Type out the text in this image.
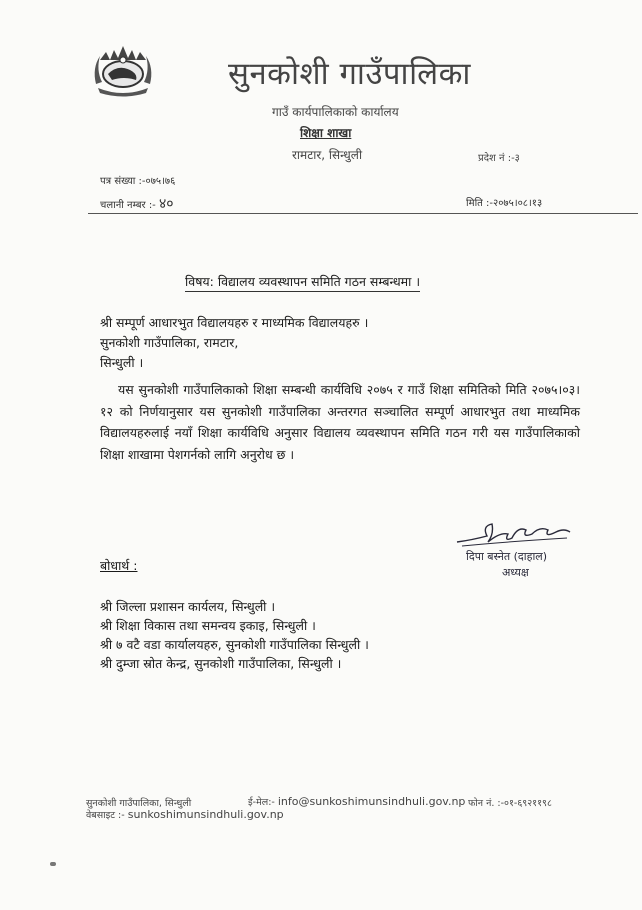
सुनकोशी गाउँपालिका
गाउँ कार्यपालिकाको कार्यालय
शिक्षा शाखा
रामटार, सिन्धुली	प्रदेश नं :-३
पत्र संख्या :-०७५।७६
चलानी नम्बर :- ४०	मिति :-२०७५।०८।१३
विषय: विद्यालय व्यवस्थापन समिति गठन सम्बन्धमा ।
श्री सम्पूर्ण आधारभुत विद्यालयहरु र माध्यमिक विद्यालयहरु ।
सुनकोशी गाउँपालिका, रामटार,
सिन्धुली ।
यस सुनकोशी गाउँपालिकाको शिक्षा सम्बन्धी कार्यविधि २०७५ र गाउँ शिक्षा समितिको मिति २०७५।०३।१२ को निर्णयानुसार यस सुनकोशी गाउँपालिका अन्तरगत सञ्चालित सम्पूर्ण आधारभुत तथा माध्यमिक विद्यालयहरुलाई नयाँ शिक्षा कार्यविधि अनुसार विद्यालय व्यवस्थापन समिति गठन गरी यस गाउँपालिकाको शिक्षा शाखामा पेशगर्नको लागि अनुरोध छ ।
दिपा बस्नेत (दाहाल)
अध्यक्ष
बोधार्थ :
श्री जिल्ला प्रशासन कार्यलय, सिन्धुली ।
श्री शिक्षा विकास तथा समन्वय इकाइ, सिन्धुली ।
श्री ७ वटै वडा कार्यालयहरु, सुनकोशी गाउँपालिका सिन्धुली ।
श्री दुम्जा स्रोत केन्द्र, सुनकोशी गाउँपालिका, सिन्धुली ।
सुनकोशी गाउँपालिका, सिन्धुली	ई-मेल:- info@sunkoshimunsindhuli.gov.np फोन नं. :-०१-६९२११९८
वेबसाइट :- sunkoshimunsindhuli.gov.np
